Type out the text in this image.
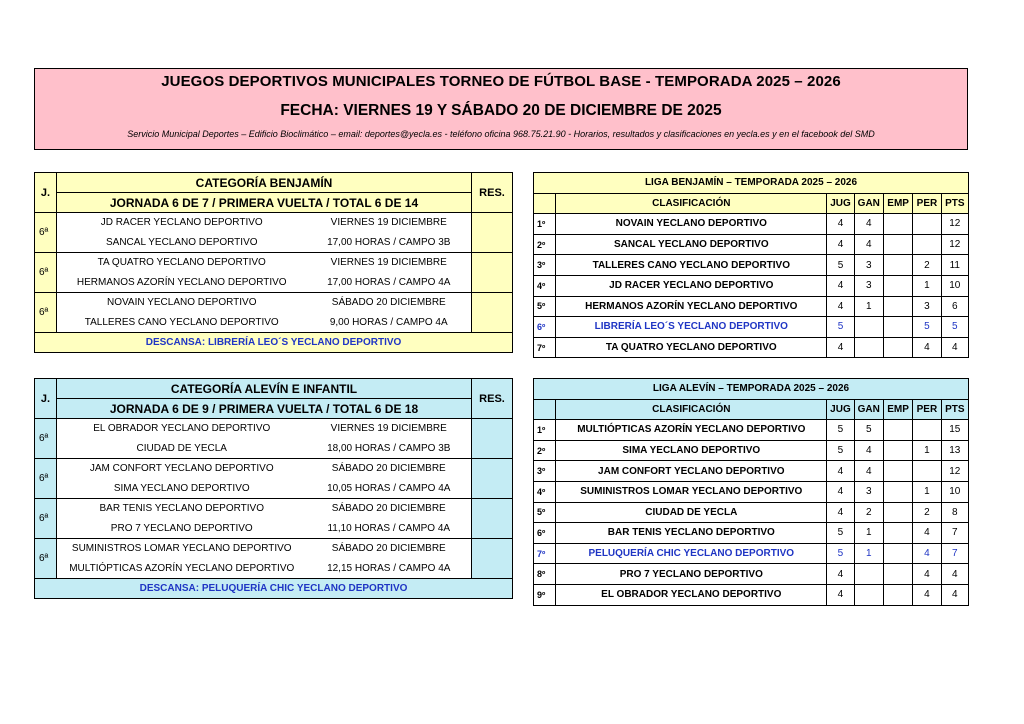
JUEGOS DEPORTIVOS MUNICIPALES TORNEO DE FÚTBOL BASE - TEMPORADA 2025 – 2026
FECHA: VIERNES 19 Y SÁBADO 20 DE DICIEMBRE DE 2025
Servicio Municipal Deportes – Edificio Bioclimático – email: deportes@yecla.es - teléfono oficina 968.75.21.90 - Horarios, resultados y clasificaciones en yecla.es y en el facebook del SMD
J.	CATEGORÍA BENJAMÍN		RES.
	JORNADA 6 DE 7 / PRIMERA VUELTA / TOTAL 6 DE 14		
6ª	JD RACER YECLANO DEPORTIVO	VIERNES 19 DICIEMBRE	
	SANCAL YECLANO DEPORTIVO	17,00 HORAS / CAMPO 3B	
6ª	TA QUATRO YECLANO DEPORTIVO	VIERNES 19 DICIEMBRE	
	HERMANOS AZORÍN YECLANO DEPORTIVO	17,00 HORAS / CAMPO 4A	
6ª	NOVAIN YECLANO DEPORTIVO	SÁBADO 20 DICIEMBRE	
	TALLERES CANO YECLANO DEPORTIVO	9,00 HORAS / CAMPO 4A	
DESCANSA: LIBRERÍA LEO´S YECLANO DEPORTIVO			
J.	CATEGORÍA ALEVÍN E INFANTIL		RES.
	JORNADA 6 DE 9 / PRIMERA VUELTA / TOTAL 6 DE 18		
6ª	EL OBRADOR YECLANO DEPORTIVO	VIERNES 19 DICIEMBRE	
	CIUDAD DE YECLA	18,00 HORAS / CAMPO 3B	
6ª	JAM CONFORT YECLANO DEPORTIVO	SÁBADO 20 DICIEMBRE	
	SIMA YECLANO DEPORTIVO	10,05 HORAS / CAMPO 4A	
6ª	BAR TENIS YECLANO DEPORTIVO	SÁBADO 20 DICIEMBRE	
	PRO 7 YECLANO DEPORTIVO	11,10 HORAS / CAMPO 4A	
6ª	SUMINISTROS LOMAR YECLANO DEPORTIVO	SÁBADO 20 DICIEMBRE	
	MULTIÓPTICAS AZORÍN YECLANO DEPORTIVO	12,15 HORAS / CAMPO 4A	
DESCANSA: PELUQUERÍA CHIC YECLANO DEPORTIVO			
LIGA BENJAMÍN – TEMPORADA 2025 – 2026						
	CLASIFICACIÓN	JUG	GAN	EMP	PER	PTS
1º	NOVAIN YECLANO DEPORTIVO	4	4			12
2º	SANCAL YECLANO DEPORTIVO	4	4			12
3º	TALLERES CANO YECLANO DEPORTIVO	5	3		2	11
4º	JD RACER YECLANO DEPORTIVO	4	3		1	10
5º	HERMANOS AZORÍN YECLANO DEPORTIVO	4	1		3	6
6º	LIBRERÍA LEO´S YECLANO DEPORTIVO	5			5	5
7º	TA QUATRO YECLANO DEPORTIVO	4			4	4
LIGA ALEVÍN – TEMPORADA 2025 – 2026						
	CLASIFICACIÓN	JUG	GAN	EMP	PER	PTS
1º	MULTIÓPTICAS AZORÍN YECLANO DEPORTIVO	5	5			15
2º	SIMA YECLANO DEPORTIVO	5	4		1	13
3º	JAM CONFORT YECLANO DEPORTIVO	4	4			12
4º	SUMINISTROS LOMAR YECLANO DEPORTIVO	4	3		1	10
5º	CIUDAD DE YECLA	4	2		2	8
6º	BAR TENIS YECLANO DEPORTIVO	5	1		4	7
7º	PELUQUERÍA CHIC YECLANO DEPORTIVO	5	1		4	7
8º	PRO 7 YECLANO DEPORTIVO	4			4	4
9º	EL OBRADOR YECLANO DEPORTIVO	4			4	4
